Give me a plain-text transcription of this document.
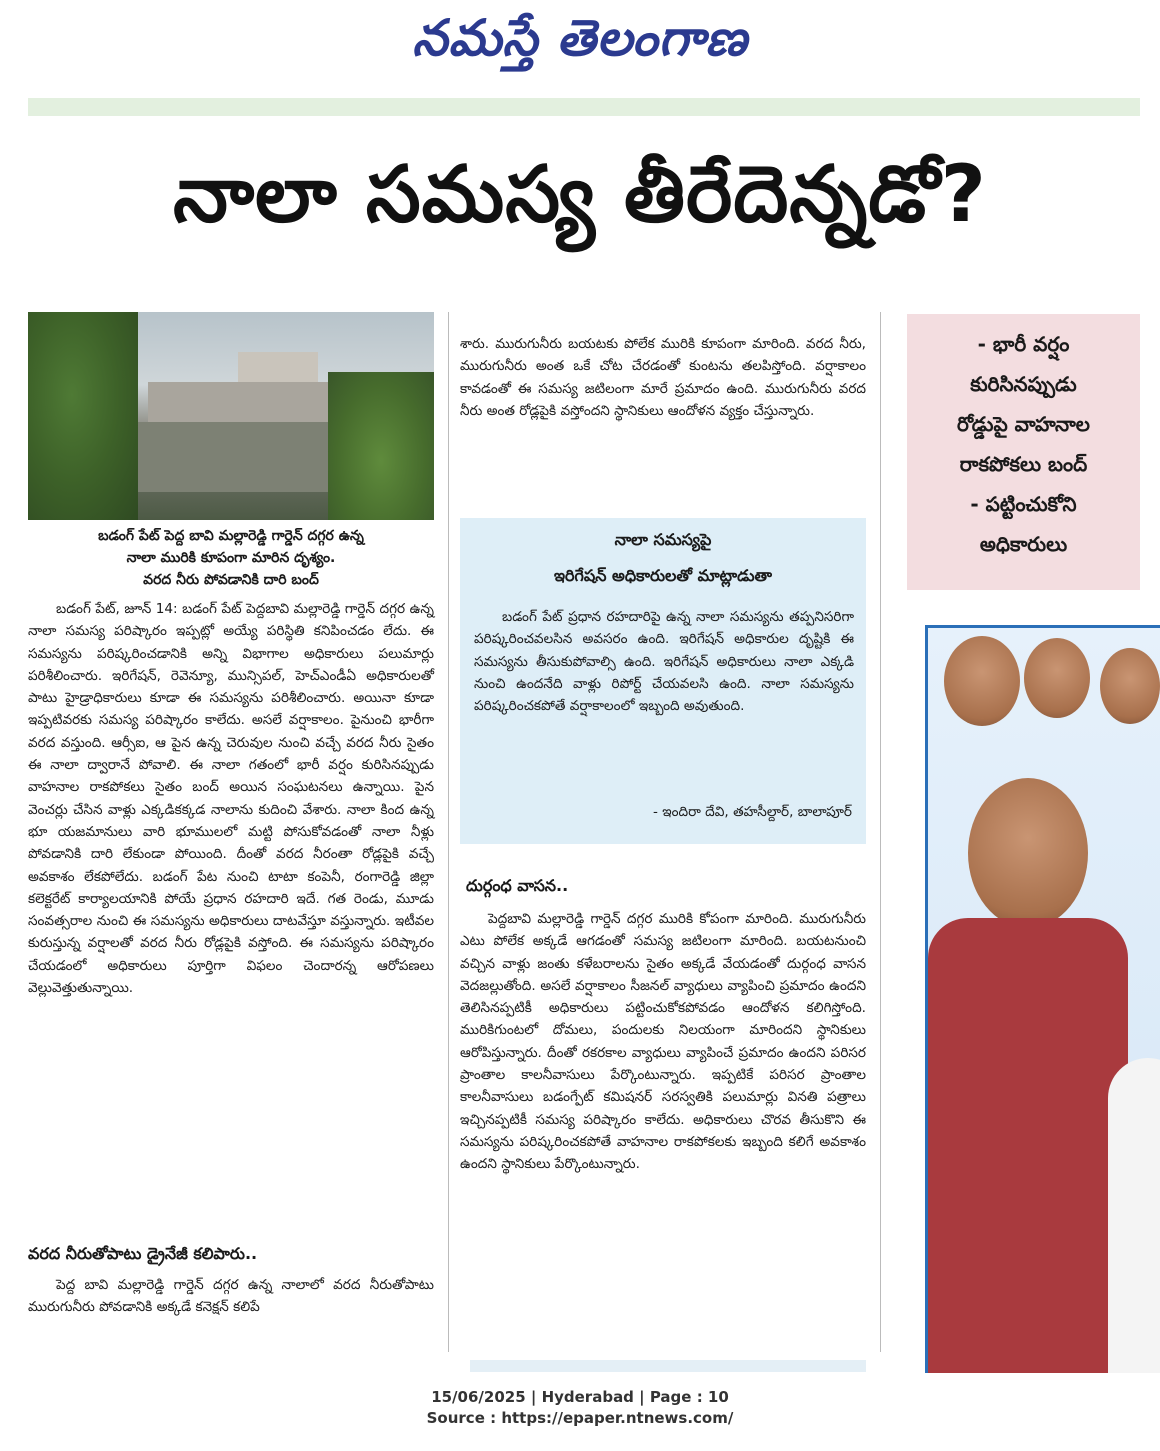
నమస్తే తెలంగాణ
నాలా సమస్య తీరేదెన్నడో?
బడంగ్ పేట్ పెద్ద బావి మల్లారెడ్డి గార్డెన్ దగ్గర ఉన్న
నాలా మురికి కూపంగా మారిన దృశ్యం.
వరద నీరు పోవడానికి దారి బంద్

బడంగ్ పేట్, జూన్ 14: బడంగ్ పేట్ పెద్దబావి మల్లారెడ్డి గార్డెన్ దగ్గర ఉన్న నాలా సమస్య పరిష్కారం ఇప్పట్లో అయ్యే పరిస్థితి కనిపించడం లేదు. ఈ సమస్యను పరిష్కరించడానికి అన్ని విభాగాల అధికారులు పలుమార్లు పరిశీలించారు. ఇరిగేషన్, రెవెన్యూ, మున్సిపల్, హెచ్ఎండీఏ అధికారులతో పాటు హైడ్రాధికారులు కూడా ఈ సమస్యను పరిశీలించారు. అయినా కూడా ఇప్పటివరకు సమస్య పరిష్కారం కాలేదు. అసలే వర్షాకాలం. పైనుంచి భారీగా వరద వస్తుంది. ఆర్సీఐ, ఆ పైన ఉన్న చెరువుల నుంచి వచ్చే వరద నీరు సైతం ఈ నాలా ద్వారానే పోవాలి. ఈ నాలా గతంలో భారీ వర్షం కురిసినప్పుడు వాహనాల రాకపోకలు సైతం బంద్ అయిన సంఘటనలు ఉన్నాయి. పైన వెంచర్లు చేసిన వాళ్లు ఎక్కడికక్కడ నాలాను కుదించి వేశారు. నాలా కింద ఉన్న భూ యజమానులు వారి భూములలో మట్టి పోసుకోవడంతో నాలా నీళ్లు పోవడానికి దారి లేకుండా పోయింది. దీంతో వరద నీరంతా రోడ్లపైకి వచ్చే అవకాశం లేకపోలేదు. బడంగ్ పేట నుంచి టాటా కంపెనీ, రంగారెడ్డి జిల్లా కలెక్టరేట్ కార్యాలయానికి పోయే ప్రధాన రహదారి ఇదే. గత రెండు, మూడు సంవత్సరాల నుంచి ఈ సమస్యను అధికారులు దాటవేస్తూ వస్తున్నారు. ఇటీవల కురుస్తున్న వర్షాలతో వరద నీరు రోడ్లపైకి వస్తోంది. ఈ సమస్యను పరిష్కారం చేయడంలో అధికారులు పూర్తిగా విఫలం చెందారన్న ఆరోపణలు వెల్లువెత్తుతున్నాయి.

వరద నీరుతోపాటు డ్రైనేజీ కలిపారు..

పెద్ద బావి మల్లారెడ్డి గార్డెన్ దగ్గర ఉన్న నాలాలో వరద నీరుతోపాటు మురుగునీరు పోవడానికి అక్కడే కనెక్షన్ కలిపే

శారు. మురుగునీరు బయటకు పోలేక మురికి కూపంగా మారింది. వరద నీరు, మురుగునీరు అంత ఒకే చోట చేరడంతో కుంటను తలపిస్తోంది. వర్షాకాలం కావడంతో ఈ సమస్య జటిలంగా మారే ప్రమాదం ఉంది. మురుగునీరు వరద నీరు అంత రోడ్లపైకి వస్తోందని స్థానికులు ఆందోళన వ్యక్తం చేస్తున్నారు.

నాలా సమస్యపై
ఇరిగేషన్ అధికారులతో మాట్లాడుతా

బడంగ్ పేట్ ప్రధాన రహదారిపై ఉన్న నాలా సమస్యను తప్పనిసరిగా పరిష్కరించవలసిన అవసరం ఉంది. ఇరిగేషన్ అధికారుల దృష్టికి ఈ సమస్యను తీసుకుపోవాల్సి ఉంది. ఇరిగేషన్ అధికారులు నాలా ఎక్కడి నుంచి ఉందనేది వాళ్లు రిపోర్ట్ చేయవలసి ఉంది. నాలా సమస్యను పరిష్కరించకపోతే వర్షాకాలంలో ఇబ్బంది అవుతుంది.

- ఇందిరా దేవి, తహసీల్దార్, బాలాపూర్
దుర్గంధ వాసన..

పెద్దబావి మల్లారెడ్డి గార్డెన్ దగ్గర మురికి కోపంగా మారింది. మురుగునీరు ఎటు పోలేక అక్కడే ఆగడంతో సమస్య జటిలంగా మారింది. బయటనుంచి వచ్చిన వాళ్లు జంతు కళేబరాలను సైతం అక్కడే వేయడంతో దుర్గంధ వాసన వెదజల్లుతోంది. అసలే వర్షాకాలం సీజనల్ వ్యాధులు వ్యాపించి ప్రమాదం ఉందని తెలిసినప్పటికీ అధికారులు పట్టించుకోకపోవడం ఆందోళన కలిగిస్తోంది. మురికిగుంటలో దోమలు, పందులకు నిలయంగా మారిందని స్థానికులు ఆరోపిస్తున్నారు. దీంతో రకరకాల వ్యాధులు వ్యాపించే ప్రమాదం ఉందని పరిసర ప్రాంతాల కాలనీవాసులు పేర్కొంటున్నారు. ఇప్పటికే పరిసర ప్రాంతాల కాలనీవాసులు బడంగ్పేట్ కమిషనర్ సరస్వతికి పలుమార్లు వినతి పత్రాలు ఇచ్చినప్పటికీ సమస్య పరిష్కారం కాలేదు. అధికారులు చొరవ తీసుకొని ఈ సమస్యను పరిష్కరించకపోతే వాహనాల రాకపోకలకు ఇబ్బంది కలిగే అవకాశం ఉందని స్థానికులు పేర్కొంటున్నారు.

- భారీ వర్షం
కురిసినప్పుడు
రోడ్డుపై వాహనాల
రాకపోకలు బంద్
- పట్టించుకోని
అధికారులు
15/06/2025 | Hyderabad | Page : 10
Source : https://epaper.ntnews.com/
